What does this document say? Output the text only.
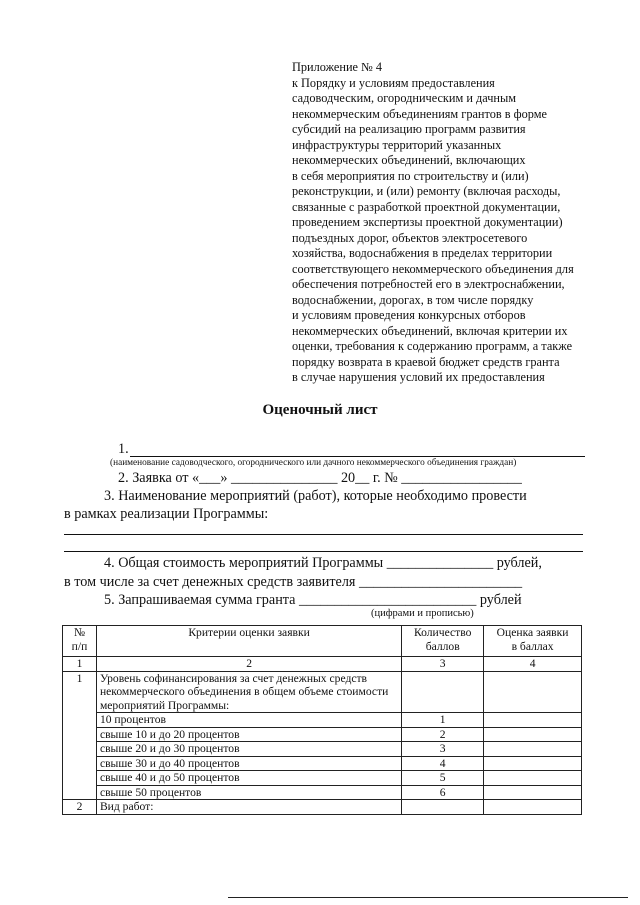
Приложение № 4
к Порядку и условиям предоставления
садоводческим, огородническим и дачным
некоммерческим объединениям грантов в форме
субсидий на реализацию программ развития
инфраструктуры территорий указанных
некоммерческих объединений, включающих
в себя мероприятия по строительству и (или)
реконструкции, и (или) ремонту (включая расходы,
связанные с разработкой проектной документации,
проведением экспертизы проектной документации)
подъездных дорог, объектов электросетевого
хозяйства, водоснабжения в пределах территории
соответствующего некоммерческого объединения для
обеспечения потребностей его в электроснабжении,
водоснабжении, дорогах, в том числе порядку
и условиям проведения конкурсных отборов
некоммерческих объединений, включая критерии их
оценки, требования к содержанию программ, а также
порядку возврата в краевой бюджет средств гранта
в случае нарушения условий их предоставления
Оценочный лист
1.
(наименование садоводческого, огороднического или дачного некоммерческого объединения граждан)
2. Заявка от «___» _______________ 20__ г. № _________________
3. Наименование мероприятий (работ), которые необходимо провести
в рамках реализации Программы:
4. Общая стоимость мероприятий Программы _______________ рублей,
в том числе за счет денежных средств заявителя _______________________
5. Запрашиваемая сумма гранта _________________________ рублей
(цифрами и прописью)
№
п/п	Критерии оценки заявки	Количество
баллов	Оценка заявки
в баллах
1	2	3	4
1	Уровень софинансирования за счет денежных средств некоммерческого объединения в общем объеме стоимости мероприятий Программы:		
	10 процентов	1	
	свыше 10 и до 20 процентов	2	
	свыше 20 и до 30 процентов	3	
	свыше 30 и до 40 процентов	4	
	свыше 40 и до 50 процентов	5	
	свыше 50 процентов	6	
2	Вид работ:		
